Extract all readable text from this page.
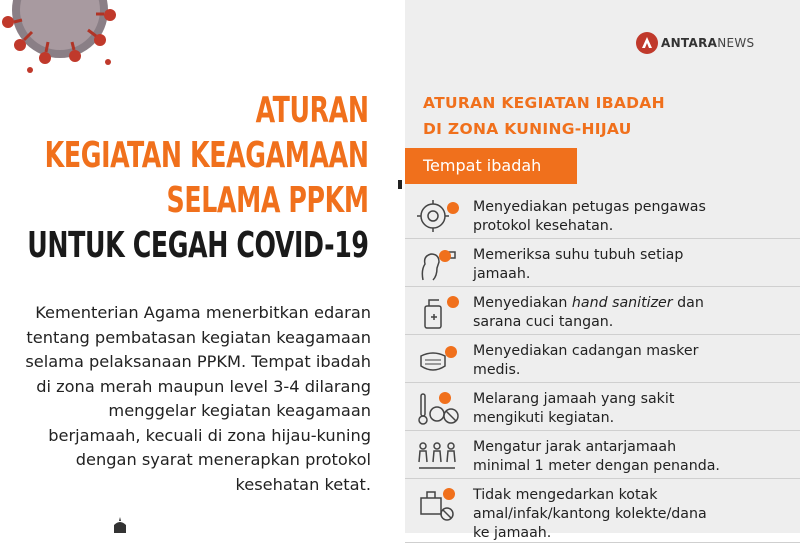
ATURAN
KEGIATAN KEAGAMAAN
SELAMA PPKM
UNTUK CEGAH COVID-19
Kementerian Agama menerbitkan edaran tentang pembatasan kegiatan keagamaan selama pelaksanaan PPKM. Tempat ibadah di zona merah maupun level 3-4 dilarang menggelar kegiatan keagamaan berjamaah, kecuali di zona hijau-kuning dengan syarat menerapkan protokol kesehatan ketat.
ANTARANEWS
ATURAN KEGIATAN IBADAH
DI ZONA KUNING-HIJAU
Tempat ibadah
Menyediakan petugas pengawas
protokol kesehatan.
Memeriksa suhu tubuh setiap
jamaah.
Menyediakan hand sanitizer dan
sarana cuci tangan.
Menyediakan cadangan masker
medis.
Melarang jamaah yang sakit
mengikuti kegiatan.
Mengatur jarak antarjamaah
minimal 1 meter dengan penanda.
Tidak mengedarkan kotak
amal/infak/kantong kolekte/dana
ke jamaah.
